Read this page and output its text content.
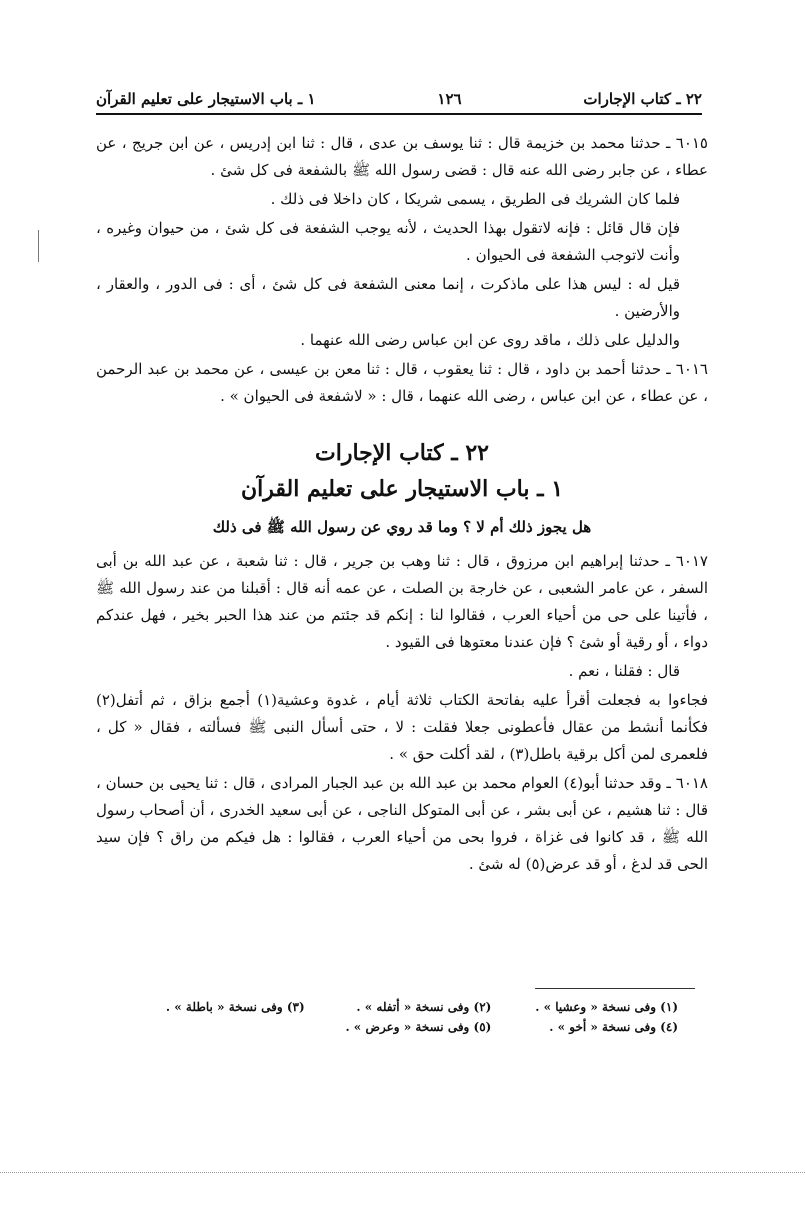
٢٢ ـ كتاب الإجارات
١٢٦
١ ـ باب الاستيجار على تعليم القرآن

٦٠١٥ ـ حدثنا محمد بن خزيمة قال : ثنا يوسف بن عدى ، قال : ثنا ابن إدريس ، عن ابن جريج ، عن عطاء ، عن جابر رضى الله عنه قال : قضى رسول الله ﷺ بالشفعة فى كل شئ .

فلما كان الشريك فى الطريق ، يسمى شريكا ، كان داخلا فى ذلك .

فإن قال قائل : فإنه لاتقول بهذا الحديث ، لأنه يوجب الشفعة فى كل شئ ، من حيوان وغيره ، وأنت لاتوجب الشفعة فى الحيوان .

قيل له : ليس هذا على ماذكرت ، إنما معنى الشفعة فى كل شئ ، أى : فى الدور ، والعقار ، والأرضين .

والدليل على ذلك ، ماقد روى عن ابن عباس رضى الله عنهما .

٦٠١٦ ـ حدثنا أحمد بن داود ، قال : ثنا يعقوب ، قال : ثنا معن بن عيسى ، عن محمد بن عبد الرحمن ، عن عطاء ، عن ابن عباس ، رضى الله عنهما ، قال : « لاشفعة فى الحيوان » .

٢٢ ـ كتاب الإجارات
١ ـ باب الاستيجار على تعليم القرآن
هل يجوز ذلك أم لا ؟ وما قد روي عن رسول الله ﷺ فى ذلك

٦٠١٧ ـ حدثنا إبراهيم ابن مرزوق ، قال : ثنا وهب بن جرير ، قال : ثنا شعبة ، عن عبد الله بن أبى السفر ، عن عامر الشعبى ، عن خارجة بن الصلت ، عن عمه أنه قال : أقبلنا من عند رسول الله ﷺ ، فأتينا على حى من أحياء العرب ، فقالوا لنا : إنكم قد جئتم من عند هذا الحبر بخير ، فهل عندكم دواء ، أو رقية أو شئ ؟ فإن عندنا معتوها فى القيود .

قال : فقلنا ، نعم .

فجاءوا به فجعلت أقرأ عليه بفاتحة الكتاب ثلاثة أيام ، غدوة وعشية(١) أجمع بزاق ، ثم أتفل(٢) فكأنما أنشط من عقال فأعطونى جعلا فقلت : لا ، حتى أسأل النبى ﷺ فسألته ، فقال « كل ، فلعمرى لمن أكل برقية باطل(٣) ، لقد أكلت حق » .

٦٠١٨ ـ وقد حدثنا أبو(٤) العوام محمد بن عبد الله بن عبد الجبار المرادى ، قال : ثنا يحيى بن حسان ، قال : ثنا هشيم ، عن أبى بشر ، عن أبى المتوكل الناجى ، عن أبى سعيد الخدرى ، أن أصحاب رسول الله ﷺ ، قد كانوا فى غزاة ، فروا بحى من أحياء العرب ، فقالوا : هل فيكم من راق ؟ فإن سيد الحى قد لدغ ، أو قد عرض(٥) له شئ .

(١) وفى نسخة « وعشيا » .
(٢) وفى نسخة « أتفله » .
(٣) وفى نسخة « باطلة » .
(٤) وفى نسخة « أخو » .
(٥) وفى نسخة « وعرض » .
